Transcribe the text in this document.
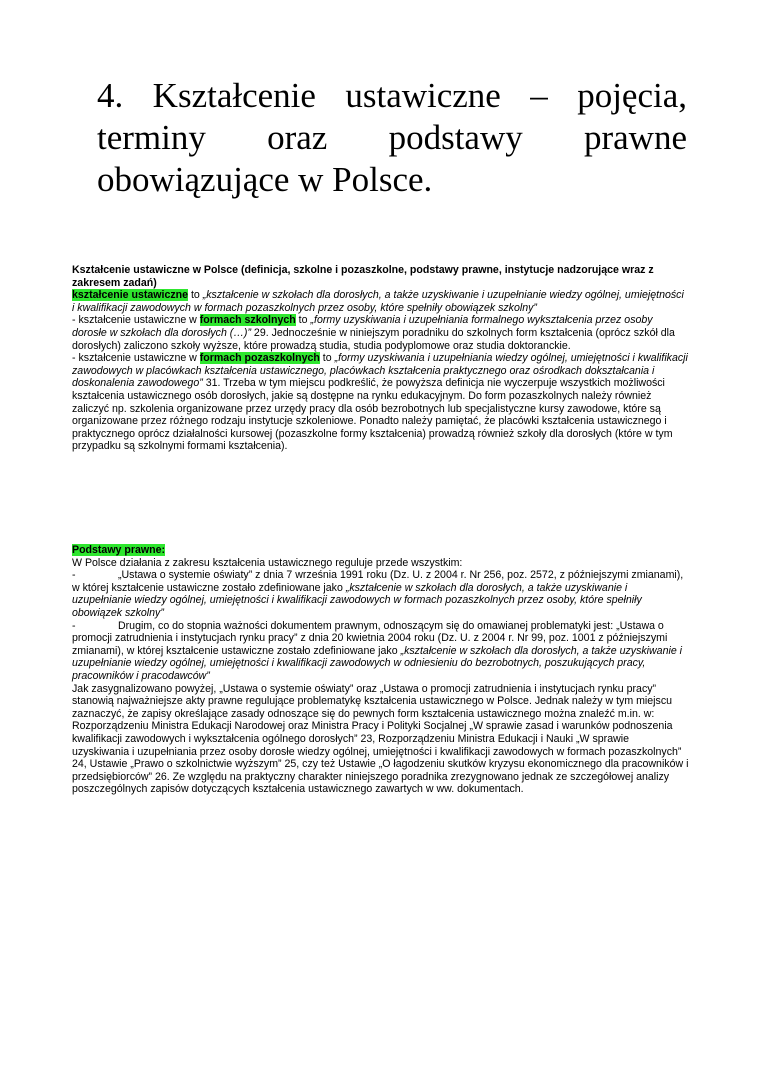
4. Kształcenie ustawiczne – pojęcia, terminy oraz podstawy prawne obowiązujące w Polsce.

Kształcenie ustawiczne w Polsce (definicja, szkolne i pozaszkolne, podstawy prawne, instytucje nadzorujące wraz z zakresem zadań)

kształcenie ustawiczne to „kształcenie w szkołach dla dorosłych, a także uzyskiwanie i uzupełnianie wiedzy ogólnej, umiejętności i kwalifikacji zawodowych w formach pozaszkolnych przez osoby, które spełniły obowiązek szkolny”

- kształcenie ustawiczne w formach szkolnych to „formy uzyskiwania i uzupełniania formalnego wykształcenia przez osoby dorosłe w szkołach dla dorosłych (…)” 29. Jednocześnie w niniejszym poradniku do szkolnych form kształcenia (oprócz szkół dla dorosłych) zaliczono szkoły wyższe, które prowadzą studia, studia podyplomowe oraz studia doktoranckie.

- kształcenie ustawiczne w formach pozaszkolnych to „formy uzyskiwania i uzupełniania wiedzy ogólnej, umiejętności i kwalifikacji zawodowych w placówkach kształcenia ustawicznego, placówkach kształcenia praktycznego oraz ośrodkach dokształcania i doskonalenia zawodowego” 31. Trzeba w tym miejscu podkreślić, że powyższa definicja nie wyczerpuje wszystkich możliwości kształcenia ustawicznego osób dorosłych, jakie są dostępne na rynku edukacyjnym. Do form pozaszkolnych należy również zaliczyć np. szkolenia organizowane przez urzędy pracy dla osób bezrobotnych lub specjalistyczne kursy zawodowe, które są organizowane przez różnego rodzaju instytucje szkoleniowe. Ponadto należy pamiętać, że placówki kształcenia ustawicznego i praktycznego oprócz działalności kursowej (pozaszkolne formy kształcenia) prowadzą również szkoły dla dorosłych (które w tym przypadku są szkolnymi formami kształcenia).

Podstawy prawne:

W Polsce działania z zakresu kształcenia ustawicznego reguluje przede wszystkim:

-	„Ustawa o systemie oświaty” z dnia 7 września 1991 roku (Dz. U. z 2004 r. Nr 256, poz. 2572, z późniejszymi zmianami), w której kształcenie ustawiczne zostało zdefiniowane jako „kształcenie w szkołach dla dorosłych, a także uzyskiwanie i uzupełnianie wiedzy ogólnej, umiejętności i kwalifikacji zawodowych w formach pozaszkolnych przez osoby, które spełniły obowiązek szkolny”

-	Drugim, co do stopnia ważności dokumentem prawnym, odnoszącym się do omawianej problematyki jest: „Ustawa o promocji zatrudnienia i instytucjach rynku pracy” z dnia 20 kwietnia 2004 roku (Dz. U. z 2004 r. Nr 99, poz. 1001 z późniejszymi zmianami), w której kształcenie ustawiczne zostało zdefiniowane jako „kształcenie w szkołach dla dorosłych, a także uzyskiwanie i uzupełnianie wiedzy ogólnej, umiejętności i kwalifikacji zawodowych w odniesieniu do bezrobotnych, poszukujących pracy, pracowników i pracodawców”

Jak zasygnalizowano powyżej, „Ustawa o systemie oświaty” oraz „Ustawa o promocji zatrudnienia i instytucjach rynku pracy” stanowią najważniejsze akty prawne regulujące problematykę kształcenia ustawicznego w Polsce. Jednak należy w tym miejscu zaznaczyć, że zapisy określające zasady odnoszące się do pewnych form kształcenia ustawicznego można znaleźć m.in. w: Rozporządzeniu Ministra Edukacji Narodowej oraz Ministra Pracy i Polityki Socjalnej „W sprawie zasad i warunków podnoszenia kwalifikacji zawodowych i wykształcenia ogólnego dorosłych” 23, Rozporządzeniu Ministra Edukacji i Nauki „W sprawie uzyskiwania i uzupełniania przez osoby dorosłe wiedzy ogólnej, umiejętności i kwalifikacji zawodowych w formach pozaszkolnych” 24, Ustawie „Prawo o szkolnictwie wyższym” 25, czy też Ustawie „O łagodzeniu skutków kryzysu ekonomicznego dla pracowników i przedsiębiorców” 26. Ze względu na praktyczny charakter niniejszego poradnika zrezygnowano jednak ze szczegółowej analizy poszczególnych zapisów dotyczących kształcenia ustawicznego zawartych w ww. dokumentach.
